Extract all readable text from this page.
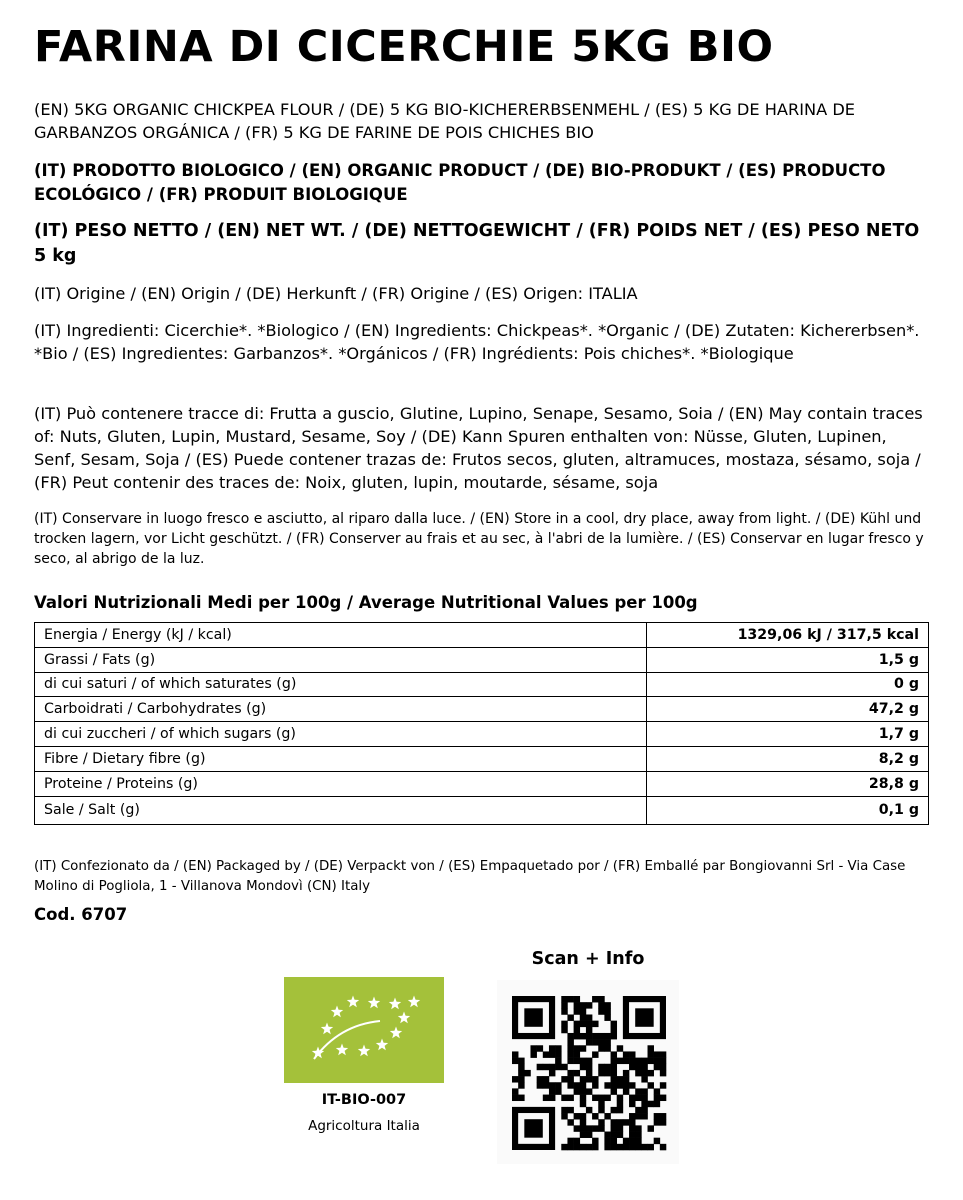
FARINA DI CICERCHIE 5KG BIO
(EN) 5KG ORGANIC CHICKPEA FLOUR / (DE) 5 KG BIO-KICHERERBSENMEHL / (ES) 5 KG DE HARINA DE GARBANZOS ORGÁNICA / (FR) 5 KG DE FARINE DE POIS CHICHES BIO
(IT) PRODOTTO BIOLOGICO / (EN) ORGANIC PRODUCT / (DE) BIO-PRODUKT / (ES) PRODUCTO ECOLÓGICO / (FR) PRODUIT BIOLOGIQUE
(IT) PESO NETTO / (EN) NET WT. / (DE) NETTOGEWICHT / (FR) POIDS NET / (ES) PESO NETO 5 kg
(IT) Origine / (EN) Origin / (DE) Herkunft / (FR) Origine / (ES) Origen: ITALIA
(IT) Ingredienti: Cicerchie*. *Biologico / (EN) Ingredients: Chickpeas*. *Organic / (DE) Zutaten: Kichererbsen*. *Bio / (ES) Ingredientes: Garbanzos*. *Orgánicos / (FR) Ingrédients: Pois chiches*. *Biologique
(IT) Può contenere tracce di: Frutta a guscio, Glutine, Lupino, Senape, Sesamo, Soia / (EN) May contain traces of: Nuts, Gluten, Lupin, Mustard, Sesame, Soy / (DE) Kann Spuren enthalten von: Nüsse, Gluten, Lupinen, Senf, Sesam, Soja / (ES) Puede contener trazas de: Frutos secos, gluten, altramuces, mostaza, sésamo, soja / (FR) Peut contenir des traces de: Noix, gluten, lupin, moutarde, sésame, soja
(IT) Conservare in luogo fresco e asciutto, al riparo dalla luce. / (EN) Store in a cool, dry place, away from light. / (DE) Kühl und trocken lagern, vor Licht geschützt. / (FR) Conserver au frais et au sec, à l'abri de la lumière. / (ES) Conservar en lugar fresco y seco, al abrigo de la luz.
Valori Nutrizionali Medi per 100g / Average Nutritional Values per 100g
Energia / Energy (kJ / kcal)	1329,06 kJ / 317,5 kcal
Grassi / Fats (g)	1,5 g
di cui saturi / of which saturates (g)	0 g
Carboidrati / Carbohydrates (g)	47,2 g
di cui zuccheri / of which sugars (g)	1,7 g
Fibre / Dietary fibre (g)	8,2 g
Proteine / Proteins (g)	28,8 g
Sale / Salt (g)	0,1 g
(IT) Confezionato da / (EN) Packaged by / (DE) Verpackt von / (ES) Empaquetado por / (FR) Emballé par Bongiovanni Srl - Via Case Molino di Pogliola, 1 - Villanova Mondovì (CN) Italy
Cod. 6707
IT-BIO-007
Agricoltura Italia
Scan + Info
